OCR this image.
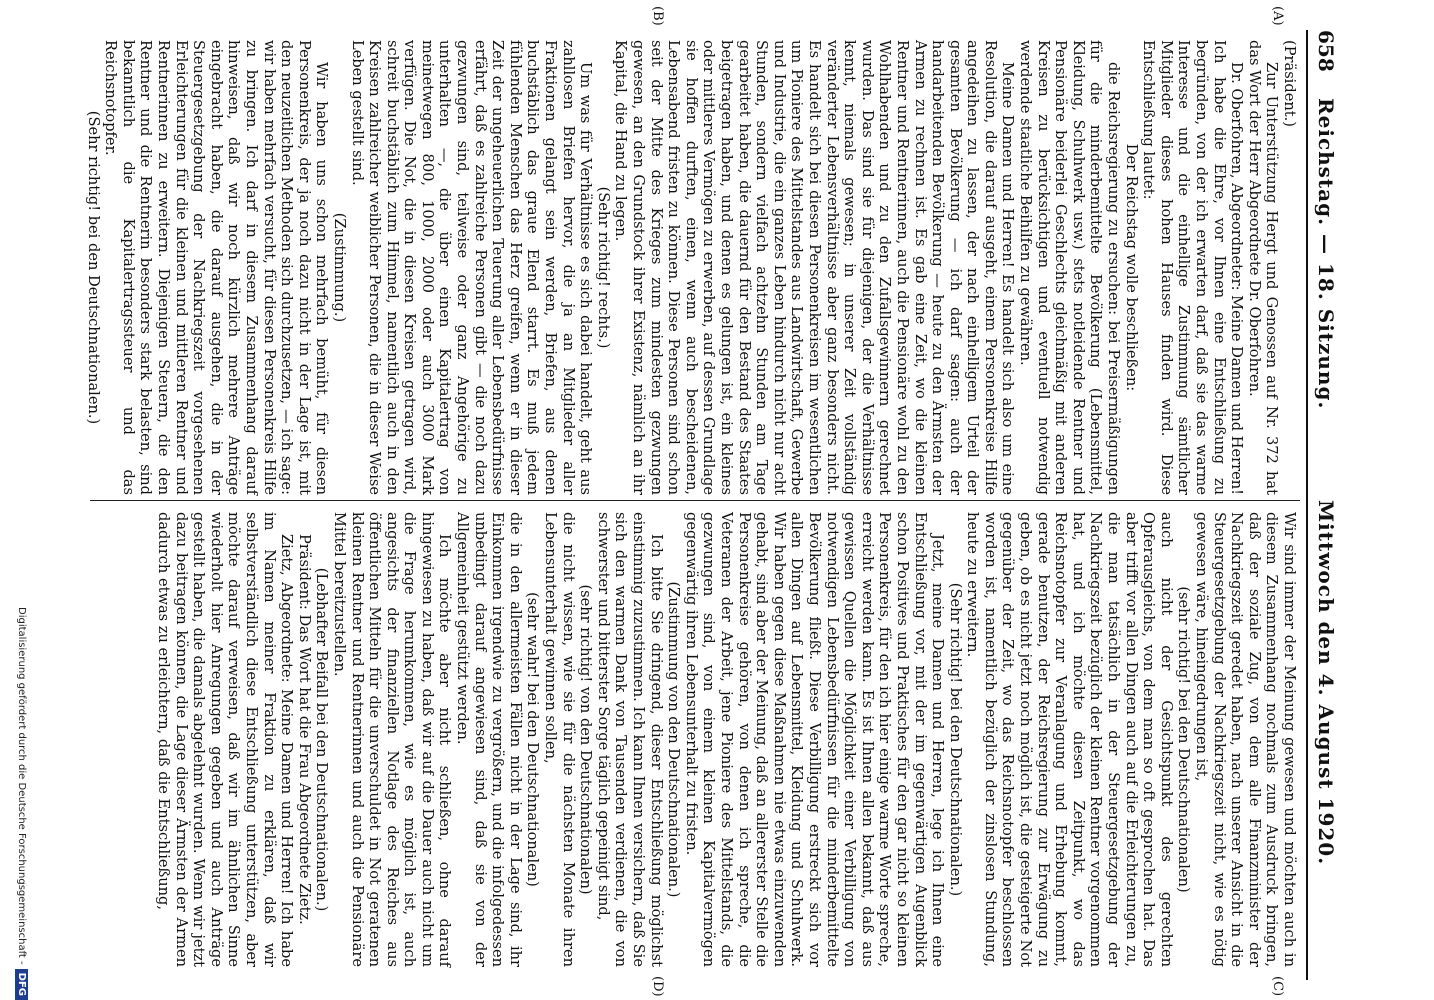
658
Reichstag. — 18. Sitzung.
Mittwoch den 4. August 1920.
(A)
(B)
(C)
(D)

(Präsident.)

Zur Unterstützung Hergt und Genossen auf Nr. 372 hat das Wort der Herr Abgeordnete Dr. Oberfohren.

Dr. Oberfohren, Abgeordneter: Meine Damen und Herren! Ich habe die Ehre, vor Ihnen eine Entschließung zu begründen, von der ich erwarten darf, daß sie das warme Interesse und die einhellige Zustimmung sämtlicher Mitglieder dieses hohen Hauses finden wird. Diese Entschließung lautet:

Der Reichstag wolle beschließen:

die Reichsregierung zu ersuchen: bei Preisermäßigungen für die minderbemittelte Bevölkerung (Lebensmittel, Kleidung, Schuhwerk usw.) stets notleidende Rentner und Pensionäre beiderlei Geschlechts gleichmäßig mit anderen Kreisen zu berücksichtigen und eventuell notwendig werdende staatliche Beihilfen zu gewähren.

Meine Damen und Herren! Es handelt sich also um eine Resolution, die darauf ausgeht, einem Personenkreise Hilfe angedeihen zu lassen, der nach einhelligem Urteil der gesamten Bevölkerung — ich darf sagen: auch der handarbeitenden Bevölkerung — heute zu den Ärmsten der Armen zu rechnen ist. Es gab eine Zeit, wo die kleinen Rentner und Rentnerinnen, auch die Pensionäre wohl zu den Wohlhabenden und zu den Zufallsgewinnern gerechnet wurden. Das sind sie für diejenigen, der die Verhältnisse kennt, niemals gewesen; in unserer Zeit vollständig veränderter Lebensverhältnisse aber ganz besonders nicht. Es handelt sich bei diesen Personenkreisen im wesentlichen um Pioniere des Mittelstandes aus Landwirtschaft, Gewerbe und Industrie, die ein ganzes Leben hindurch nicht nur acht Stunden, sondern vielfach achtzehn Stunden am Tage gearbeitet haben, die dauernd für den Bestand des Staates beigetragen haben, und denen es gelungen ist, ein kleines oder mittleres Vermögen zu erwerben, auf dessen Grundlage sie hoffen durften, einen, wenn auch bescheidenen, Lebensabend fristen zu können. Diese Personen sind schon seit der Mitte des Krieges zum mindesten gezwungen gewesen, an den Grundstock ihrer Existenz, nämlich an ihr Kapital, die Hand zu legen.

(Sehr richtig! rechts.)

Um was für Verhältnisse es sich dabei handelt, geht aus zahllosen Briefen hervor, die ja an Mitglieder aller Fraktionen gelangt sein werden, Briefen, aus denen buchstäblich das graue Elend starrt. Es muß jedem fühlenden Menschen das Herz greifen, wenn er in dieser Zeit der ungeheuerlichen Teuerung aller Lebensbedürfnisse erfährt, daß es zahlreiche Personen gibt — die noch dazu gezwungen sind, teilweise oder ganz Angehörige zu unterhalten —, die über einen Kapitalertrag von meinetwegen 800, 1000, 2000 oder auch 3000 Mark verfügen. Die Not, die in diesen Kreisen getragen wird, schreit buchstäblich zum Himmel, namentlich auch in den Kreisen zahlreicher weiblicher Personen, die in dieser Weise Leben gestellt sind.

(Zustimmung.)

Wir haben uns schon mehrfach bemüht, für diesen Personenkreis, der ja noch dazu nicht in der Lage ist, mit den neuzeitlichen Methoden sich durchzusetzen, — ich sage: wir haben mehrfach versucht, für diesen Personenkreis Hilfe zu bringen. Ich darf in diesem Zusammenhang darauf hinweisen, daß wir noch kürzlich mehrere Anträge eingebracht haben, die darauf ausgehen, die in der Steuergesetzgebung der Nachkriegszeit vorgesehenen Erleichterungen für die kleinen und mittleren Rentner und Rentnerinnen zu erweitern. Diejenigen Steuern, die den Rentner und die Rentnerin besonders stark belasten, sind bekanntlich die Kapitalertragssteuer und das Reichsnotopfer.

(Sehr richtig! bei den Deutschnationalen.)

Wir sind immer der Meinung gewesen und möchten auch in diesem Zusammenhang nochmals zum Ausdruck bringen, daß der soziale Zug, von dem alle Finanzminister der Nachkriegszeit geredet haben, nach unserer Ansicht in die Steuergesetzgebung der Nachkriegszeit nicht, wie es nötig gewesen wäre, hineingedrungen ist,

(sehr richtig! bei den Deutschnationalen)

auch nicht der Gesichtspunkt des gerechten Opferausgleichs, von dem man so oft gesprochen hat. Das aber trifft vor allen Dingen auch auf die Erleichterungen zu, die man tatsächlich in der Steuergesetzgebung der Nachkriegszeit bezüglich der kleinen Rentner vorgenommen hat, und ich möchte diesen Zeitpunkt, wo das Reichsnotopfer zur Veranlagung und Erhebung kommt, gerade benutzen, der Reichsregierung zur Erwägung zu geben, ob es nicht jetzt noch möglich ist, die gesteigerte Not gegenüber der Zeit, wo das Reichsnotopfer beschlossen worden ist, namentlich bezüglich der zinslosen Stundung, heute zu erweitern.

(Sehr richtig! bei den Deutschnationalen.)

Jetzt, meine Damen und Herren, lege ich Ihnen eine Entschließung vor, mit der im gegenwärtigen Augenblick schon Positives und Praktisches für den gar nicht so kleinen Personenkreis, für den ich hier einige warme Worte spreche, erreicht werden kann. Es ist Ihnen allen bekannt, daß aus gewissen Quellen die Möglichkeit einer Verbilligung von notwendigen Lebensbedürfnissen für die minderbemittelte Bevölkerung fließt. Diese Verbilligung erstreckt sich vor allen Dingen auf Lebensmittel, Kleidung und Schuhwerk. Wir haben gegen diese Maßnahmen nie etwas einzuwenden gehabt, sind aber der Meinung, daß an allererster Stelle die Personenkreise gehören, von denen ich spreche, die Veteranen der Arbeit, jene Pioniere des Mittelstands, die gezwungen sind, von einem kleinen Kapitalvermögen gegenwärtig ihren Lebensunterhalt zu fristen.

(Zustimmung von den Deutschnationalen.)

Ich bitte Sie dringend, dieser Entschließung möglichst einstimmig zuzustimmen. Ich kann Ihnen versichern, daß Sie sich den warmen Dank von Tausenden verdienen, die von schwerster und bitterster Sorge täglich gepeinigt sind,

(sehr richtig! von den Deutschnationalen)

die nicht wissen, wie sie für die nächsten Monate ihren Lebensunterhalt gewinnen sollen,

(sehr wahr! bei den Deutschnationalen)

die in den allermeisten Fällen nicht in der Lage sind, ihr Einkommen irgendwie zu vergrößern, und die infolgedessen unbedingt darauf angewiesen sind, daß sie von der Allgemeinheit gestützt werden.

Ich möchte aber nicht schließen, ohne darauf hingewiesen zu haben, daß wir auf die Dauer auch nicht um die Frage herumkommen, wie es möglich ist, auch angesichts der finanziellen Notlage des Reiches aus öffentlichen Mitteln für die unverschuldet in Not geratenen kleinen Rentner und Rentnerinnen und auch die Pensionäre Mittel bereitzustellen.

(Lebhafter Beifall bei den Deutschnationalen.)

Präsident: Das Wort hat die Frau Abgeordnete Zietz.

Zietz, Abgeordnete: Meine Damen und Herren! Ich habe im Namen meiner Fraktion zu erklären, daß wir selbstverständlich diese Entschließung unterstützen, aber möchte darauf verweisen, daß wir im ähnlichen Sinne wiederholt hier Anregungen gegeben und auch Anträge gestellt haben, die damals abgelehnt wurden. Wenn wir jetzt dazu beitragen können, die Lage dieser Ärmsten der Armen dadurch etwas zu erleichtern, daß die Entschließung,

Digitalisierung gefördert durch die Deutsche Forschungsgemeinschaft -DFG
